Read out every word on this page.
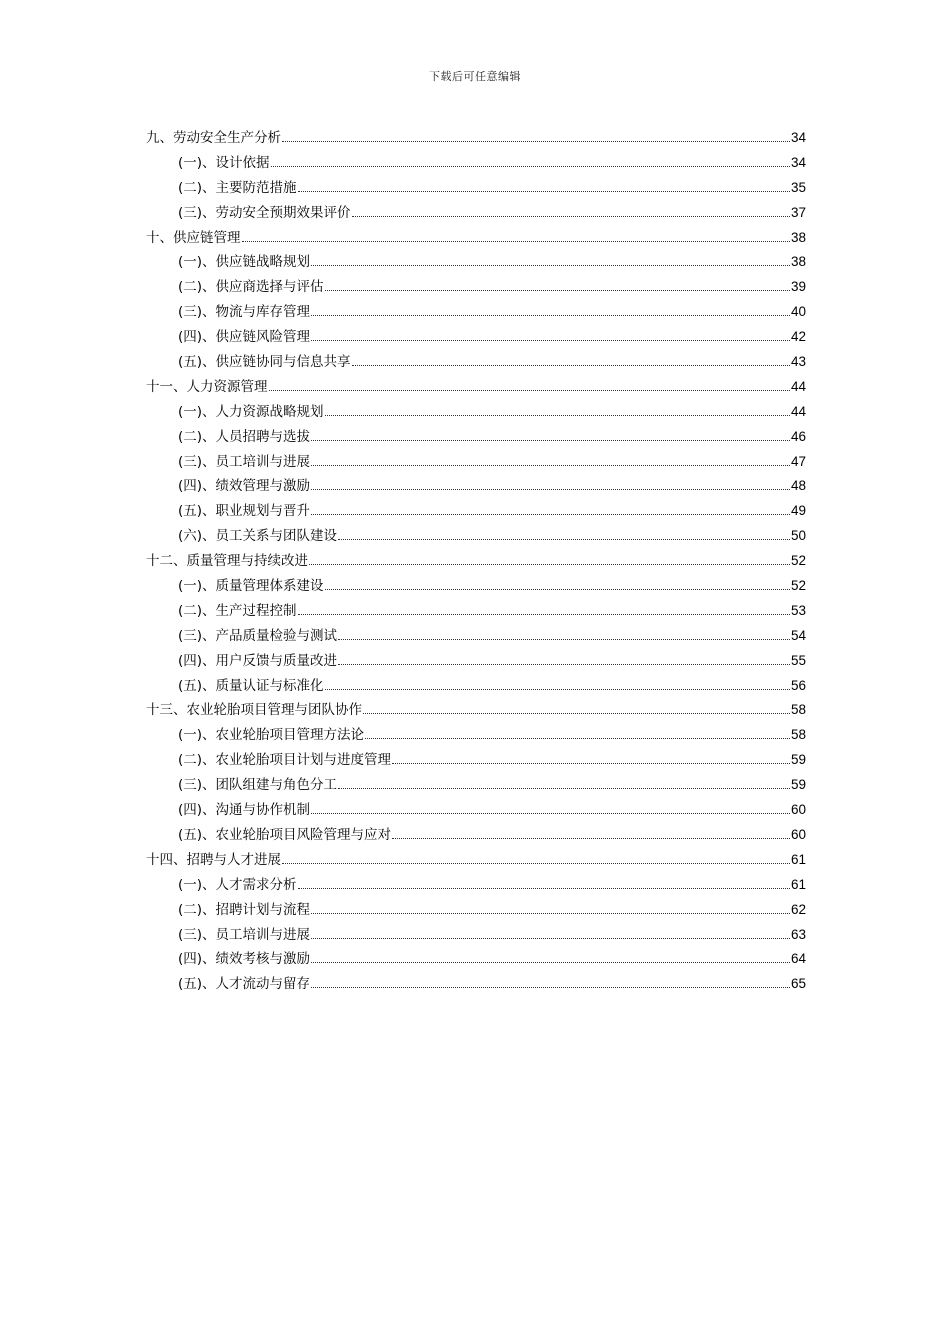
下载后可任意编辑
九、劳动安全生产分析	34
(一)、设计依据	34
(二)、主要防范措施	35
(三)、劳动安全预期效果评价	37
十、供应链管理	38
(一)、供应链战略规划	38
(二)、供应商选择与评估	39
(三)、物流与库存管理	40
(四)、供应链风险管理	42
(五)、供应链协同与信息共享	43
十一、人力资源管理	44
(一)、人力资源战略规划	44
(二)、人员招聘与选拔	46
(三)、员工培训与进展	47
(四)、绩效管理与激励	48
(五)、职业规划与晋升	49
(六)、员工关系与团队建设	50
十二、质量管理与持续改进	52
(一)、质量管理体系建设	52
(二)、生产过程控制	53
(三)、产品质量检验与测试	54
(四)、用户反馈与质量改进	55
(五)、质量认证与标准化	56
十三、农业轮胎项目管理与团队协作	58
(一)、农业轮胎项目管理方法论	58
(二)、农业轮胎项目计划与进度管理	59
(三)、团队组建与角色分工	59
(四)、沟通与协作机制	60
(五)、农业轮胎项目风险管理与应对	60
十四、招聘与人才进展	61
(一)、人才需求分析	61
(二)、招聘计划与流程	62
(三)、员工培训与进展	63
(四)、绩效考核与激励	64
(五)、人才流动与留存	65
